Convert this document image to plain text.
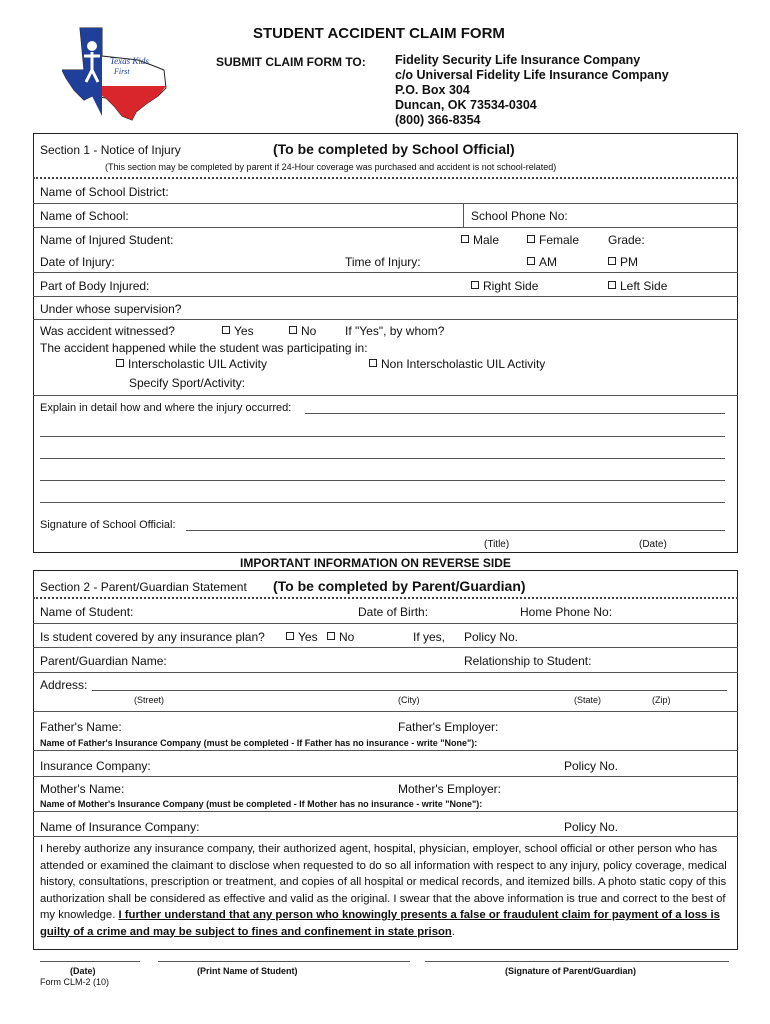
Texas Kids
First
STUDENT ACCIDENT CLAIM FORM
SUBMIT CLAIM FORM TO: Fidelity Security Life Insurance Company
c/o Universal Fidelity Life Insurance Company
P.O. Box 304
Duncan, OK 73534-0304
(800) 366-8354
Section 1 - Notice of Injury	(To be completed by School Official)
(This section may be completed by parent if 24-Hour coverage was purchased and accident is not school-related)
Name of School District:
Name of School:	School Phone No:
Name of Injured Student:	Male	Female Grade:
Date of Injury:	Time of Injury:	AM	PM
Part of Body Injured:	Right Side	Left Side
Under whose supervision?
Was accident witnessed?	Yes	No If "Yes", by whom?
The accident happened while the student was participating in:
Interscholastic UIL Activity	Non Interscholastic UIL Activity
Specify Sport/Activity:
Explain in detail how and where the injury occurred:
Signature of School Official:
(Title)	(Date)
IMPORTANT INFORMATION ON REVERSE SIDE
Section 2 - Parent/Guardian Statement (To be completed by Parent/Guardian)
Name of Student:	Date of Birth:	Home Phone No:
Is student covered by any insurance plan?	Yes	No	If yes, Policy No.
Parent/Guardian Name:	Relationship to Student:
Address:
(Street)	(City)	(State)	(Zip)
Father's Name:	Father's Employer:
Name of Father's Insurance Company (must be completed - If Father has no insurance - write "None"):
Insurance Company:	Policy No.
Mother's Name:	Mother's Employer:
Name of Mother's Insurance Company (must be completed - If Mother has no insurance - write "None"):
Name of Insurance Company:	Policy No.
I hereby authorize any insurance company, their authorized agent, hospital, physician, employer, school official or other person who has attended or examined the claimant to disclose when requested to do so all information with respect to any injury, policy coverage, medical history, consultations, prescription or treatment, and copies of all hospital or medical records, and itemized bills. A photo static copy of this authorization shall be considered as effective and valid as the original. I swear that the above information is true and correct to the best of my knowledge. I further understand that any person who knowingly presents a false or fraudulent claim for payment of a loss is guilty of a crime and may be subject to fines and confinement in state prison.
(Date)	(Print Name of Student)	(Signature of Parent/Guardian)
Form CLM-2 (10)
